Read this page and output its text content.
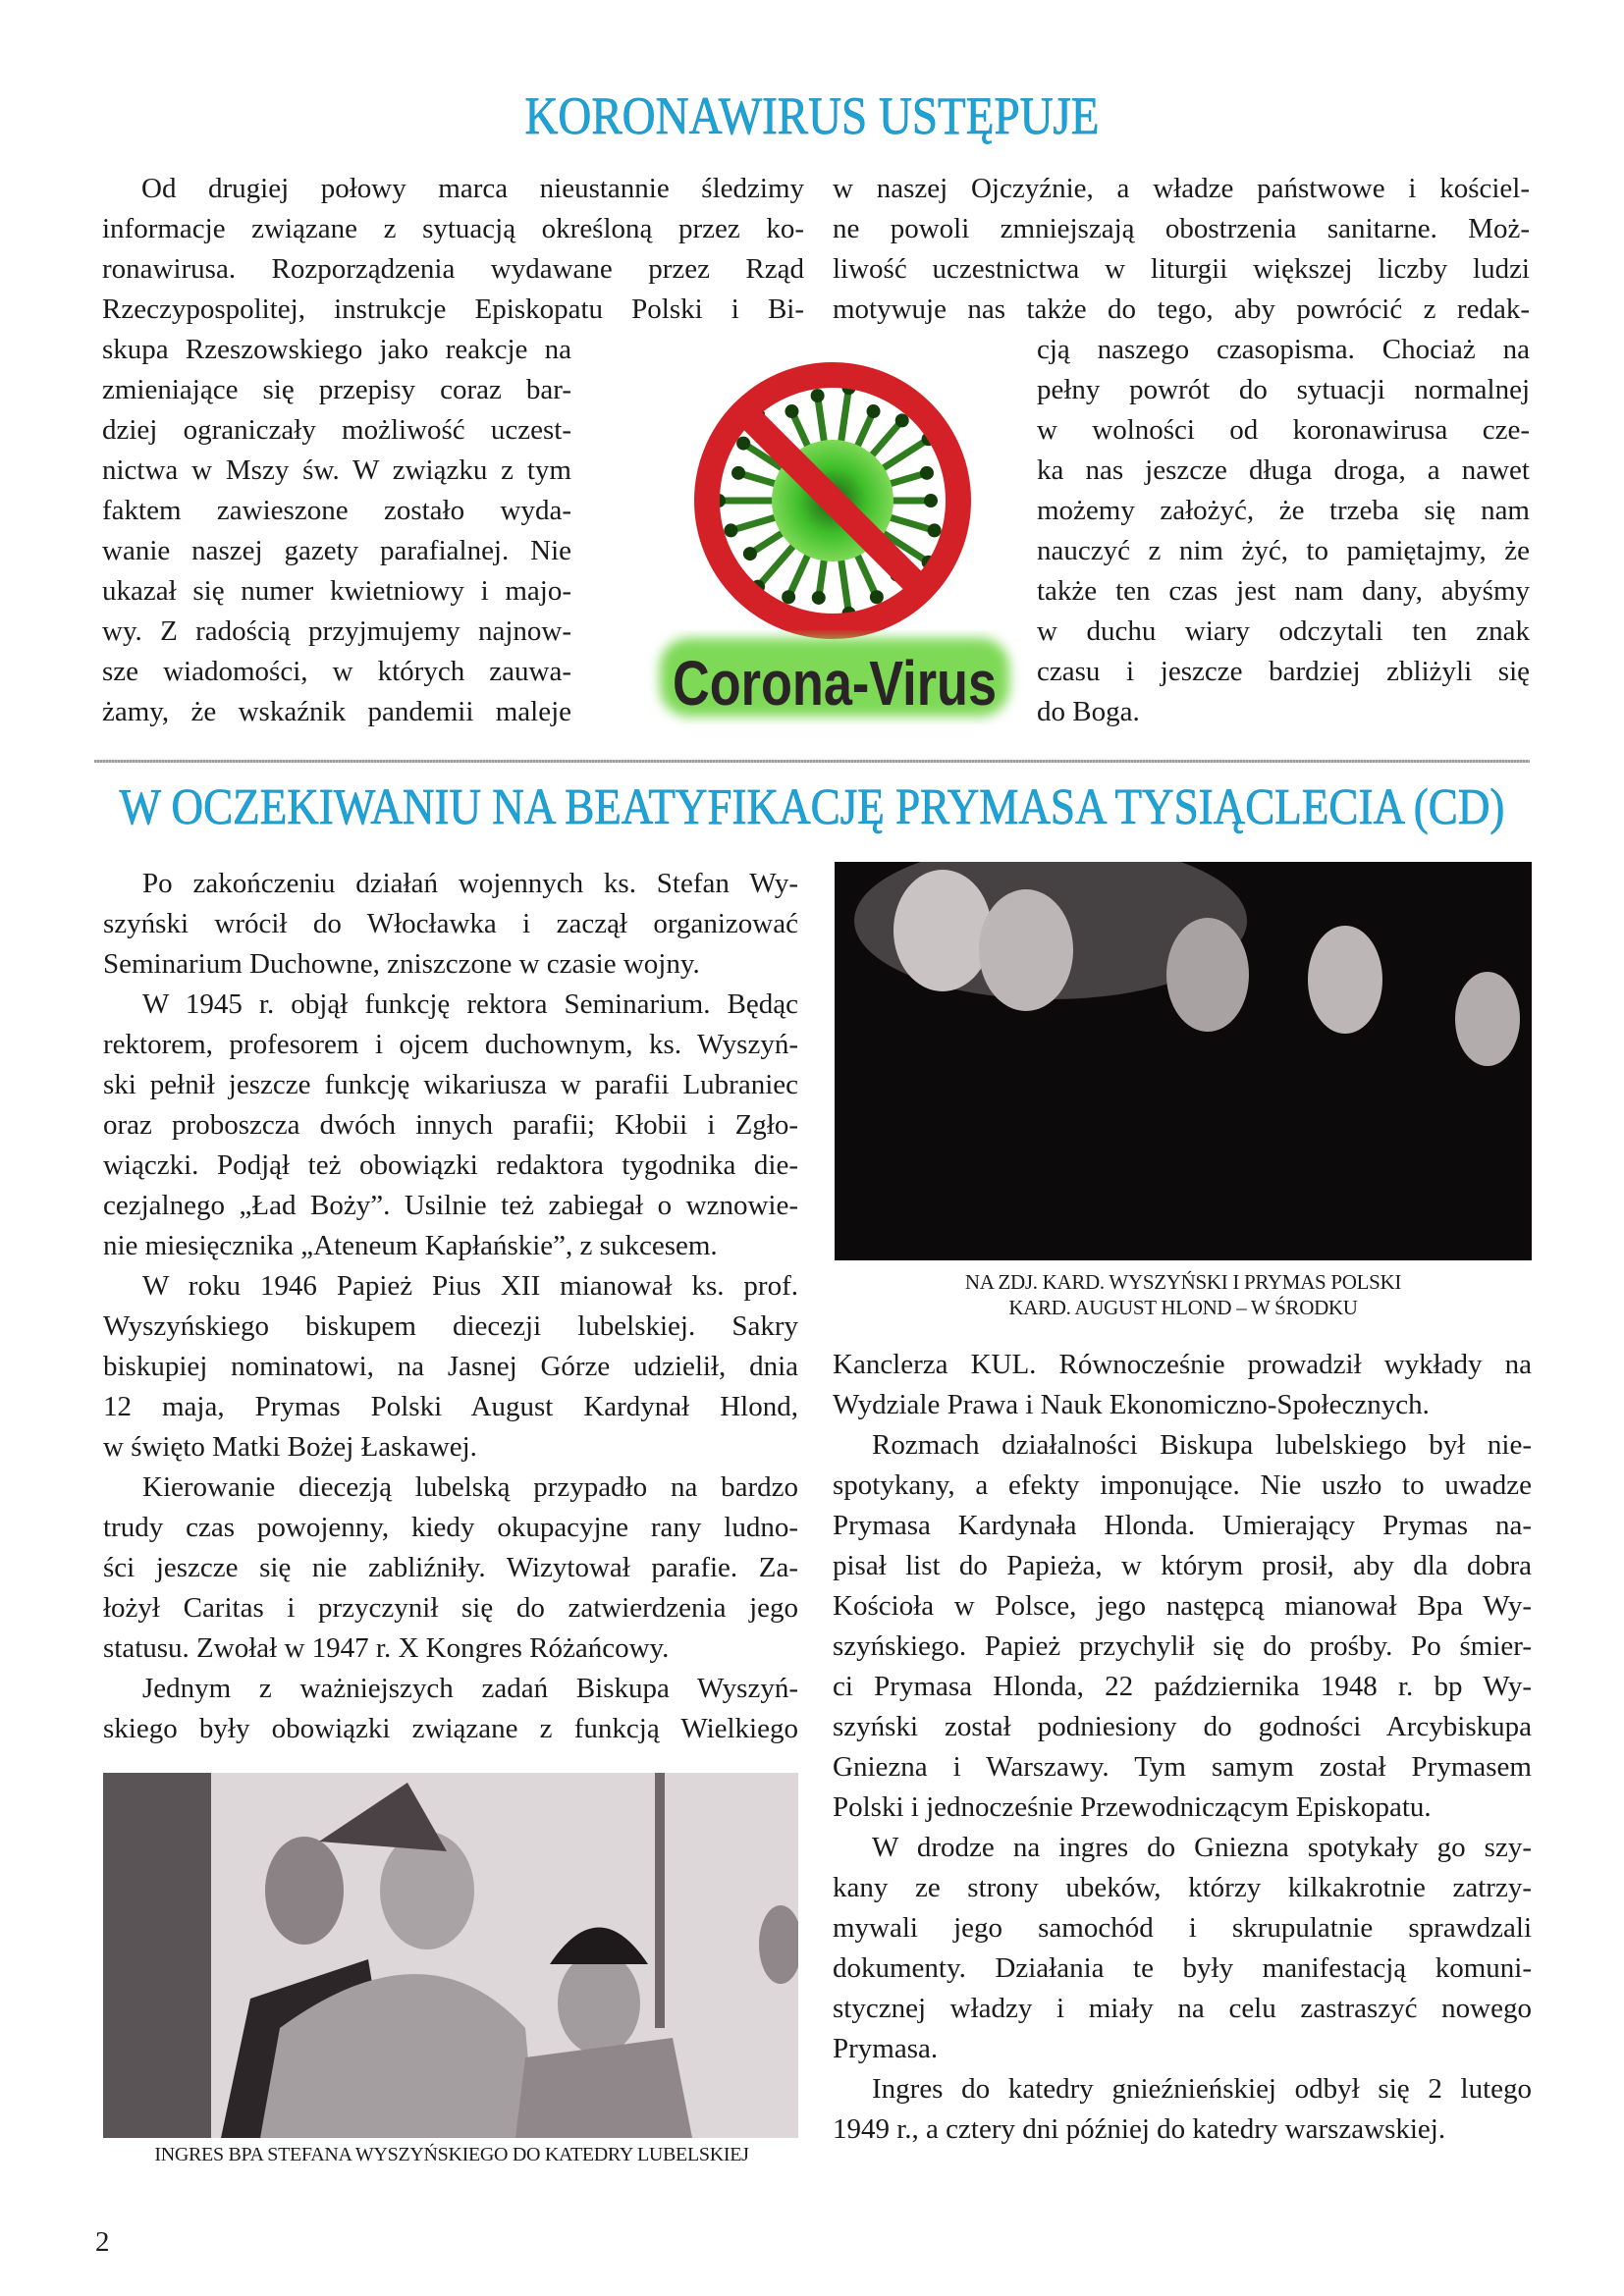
KORONAWIRUS USTĘPUJE
Od drugiej połowy marca nieustannie śledzimy
informacje związane z sytuacją określoną przez ko-
ronawirusa. Rozporządzenia wydawane przez Rząd
Rzeczypospolitej, instrukcje Episkopatu Polski i Bi-
skupa Rzeszowskiego jako reakcje na
zmieniające się przepisy coraz bar-
dziej ograniczały możliwość uczest-
nictwa w Mszy św. W związku z tym
faktem zawieszone zostało wyda-
wanie naszej gazety parafialnej. Nie
ukazał się numer kwietniowy i majo-
wy. Z radością przyjmujemy najnow-
sze wiadomości, w których zauwa-
żamy, że wskaźnik pandemii maleje
w naszej Ojczyźnie, a władze państwowe i kościel-
ne powoli zmniejszają obostrzenia sanitarne. Moż-
liwość uczestnictwa w liturgii większej liczby ludzi
motywuje nas także do tego, aby powrócić z redak-
cją naszego czasopisma. Chociaż na
pełny powrót do sytuacji normalnej
w wolności od koronawirusa cze-
ka nas jeszcze długa droga, a nawet
możemy założyć, że trzeba się nam
nauczyć z nim żyć, to pamiętajmy, że
także ten czas jest nam dany, abyśmy
w duchu wiary odczytali ten znak
czasu i jeszcze bardziej zbliżyli się
do Boga.
Corona-Virus
W OCZEKIWANIU NA BEATYFIKACJĘ PRYMASA TYSIĄCLECIA (CD)
Po zakończeniu działań wojennych ks. Stefan Wy-
szyński wrócił do Włocławka i zaczął organizować
Seminarium Duchowne, zniszczone w czasie wojny.
W 1945 r. objął funkcję rektora Seminarium. Będąc
rektorem, profesorem i ojcem duchownym, ks. Wyszyń-
ski pełnił jeszcze funkcję wikariusza w parafii Lubraniec
oraz proboszcza dwóch innych parafii; Kłobii i Zgło-
wiączki. Podjął też obowiązki redaktora tygodnika die-
cezjalnego „Ład Boży”. Usilnie też zabiegał o wznowie-
nie miesięcznika „Ateneum Kapłańskie”, z sukcesem.
W roku 1946 Papież Pius XII mianował ks. prof.
Wyszyńskiego biskupem diecezji lubelskiej. Sakry
biskupiej nominatowi, na Jasnej Górze udzielił, dnia
12 maja, Prymas Polski August Kardynał Hlond,
w święto Matki Bożej Łaskawej.
Kierowanie diecezją lubelską przypadło na bardzo
trudy czas powojenny, kiedy okupacyjne rany ludno-
ści jeszcze się nie zabliźniły. Wizytował parafie. Za-
łożył Caritas i przyczynił się do zatwierdzenia jego
statusu. Zwołał w 1947 r. X Kongres Różańcowy.
Jednym z ważniejszych zadań Biskupa Wyszyń-
skiego były obowiązki związane z funkcją Wielkiego
NA ZDJ. KARD. WYSZYŃSKI I PRYMAS POLSKI
KARD. AUGUST HLOND – W ŚRODKU
Kanclerza KUL. Równocześnie prowadził wykłady na
Wydziale Prawa i Nauk Ekonomiczno-Społecznych.
Rozmach działalności Biskupa lubelskiego był nie-
spotykany, a efekty imponujące. Nie uszło to uwadze
Prymasa Kardynała Hlonda. Umierający Prymas na-
pisał list do Papieża, w którym prosił, aby dla dobra
Kościoła w Polsce, jego następcą mianował Bpa Wy-
szyńskiego. Papież przychylił się do prośby. Po śmier-
ci Prymasa Hlonda, 22 października 1948 r. bp Wy-
szyński został podniesiony do godności Arcybiskupa
Gniezna i Warszawy. Tym samym został Prymasem
Polski i jednocześnie Przewodniczącym Episkopatu.
W drodze na ingres do Gniezna spotykały go szy-
kany ze strony ubeków, którzy kilkakrotnie zatrzy-
mywali jego samochód i skrupulatnie sprawdzali
dokumenty. Działania te były manifestacją komuni-
stycznej władzy i miały na celu zastraszyć nowego
Prymasa.
Ingres do katedry gnieźnieńskiej odbył się 2 lutego
1949 r., a cztery dni później do katedry warszawskiej.
INGRES BPA STEFANA WYSZYŃSKIEGO DO KATEDRY LUBELSKIEJ
2
